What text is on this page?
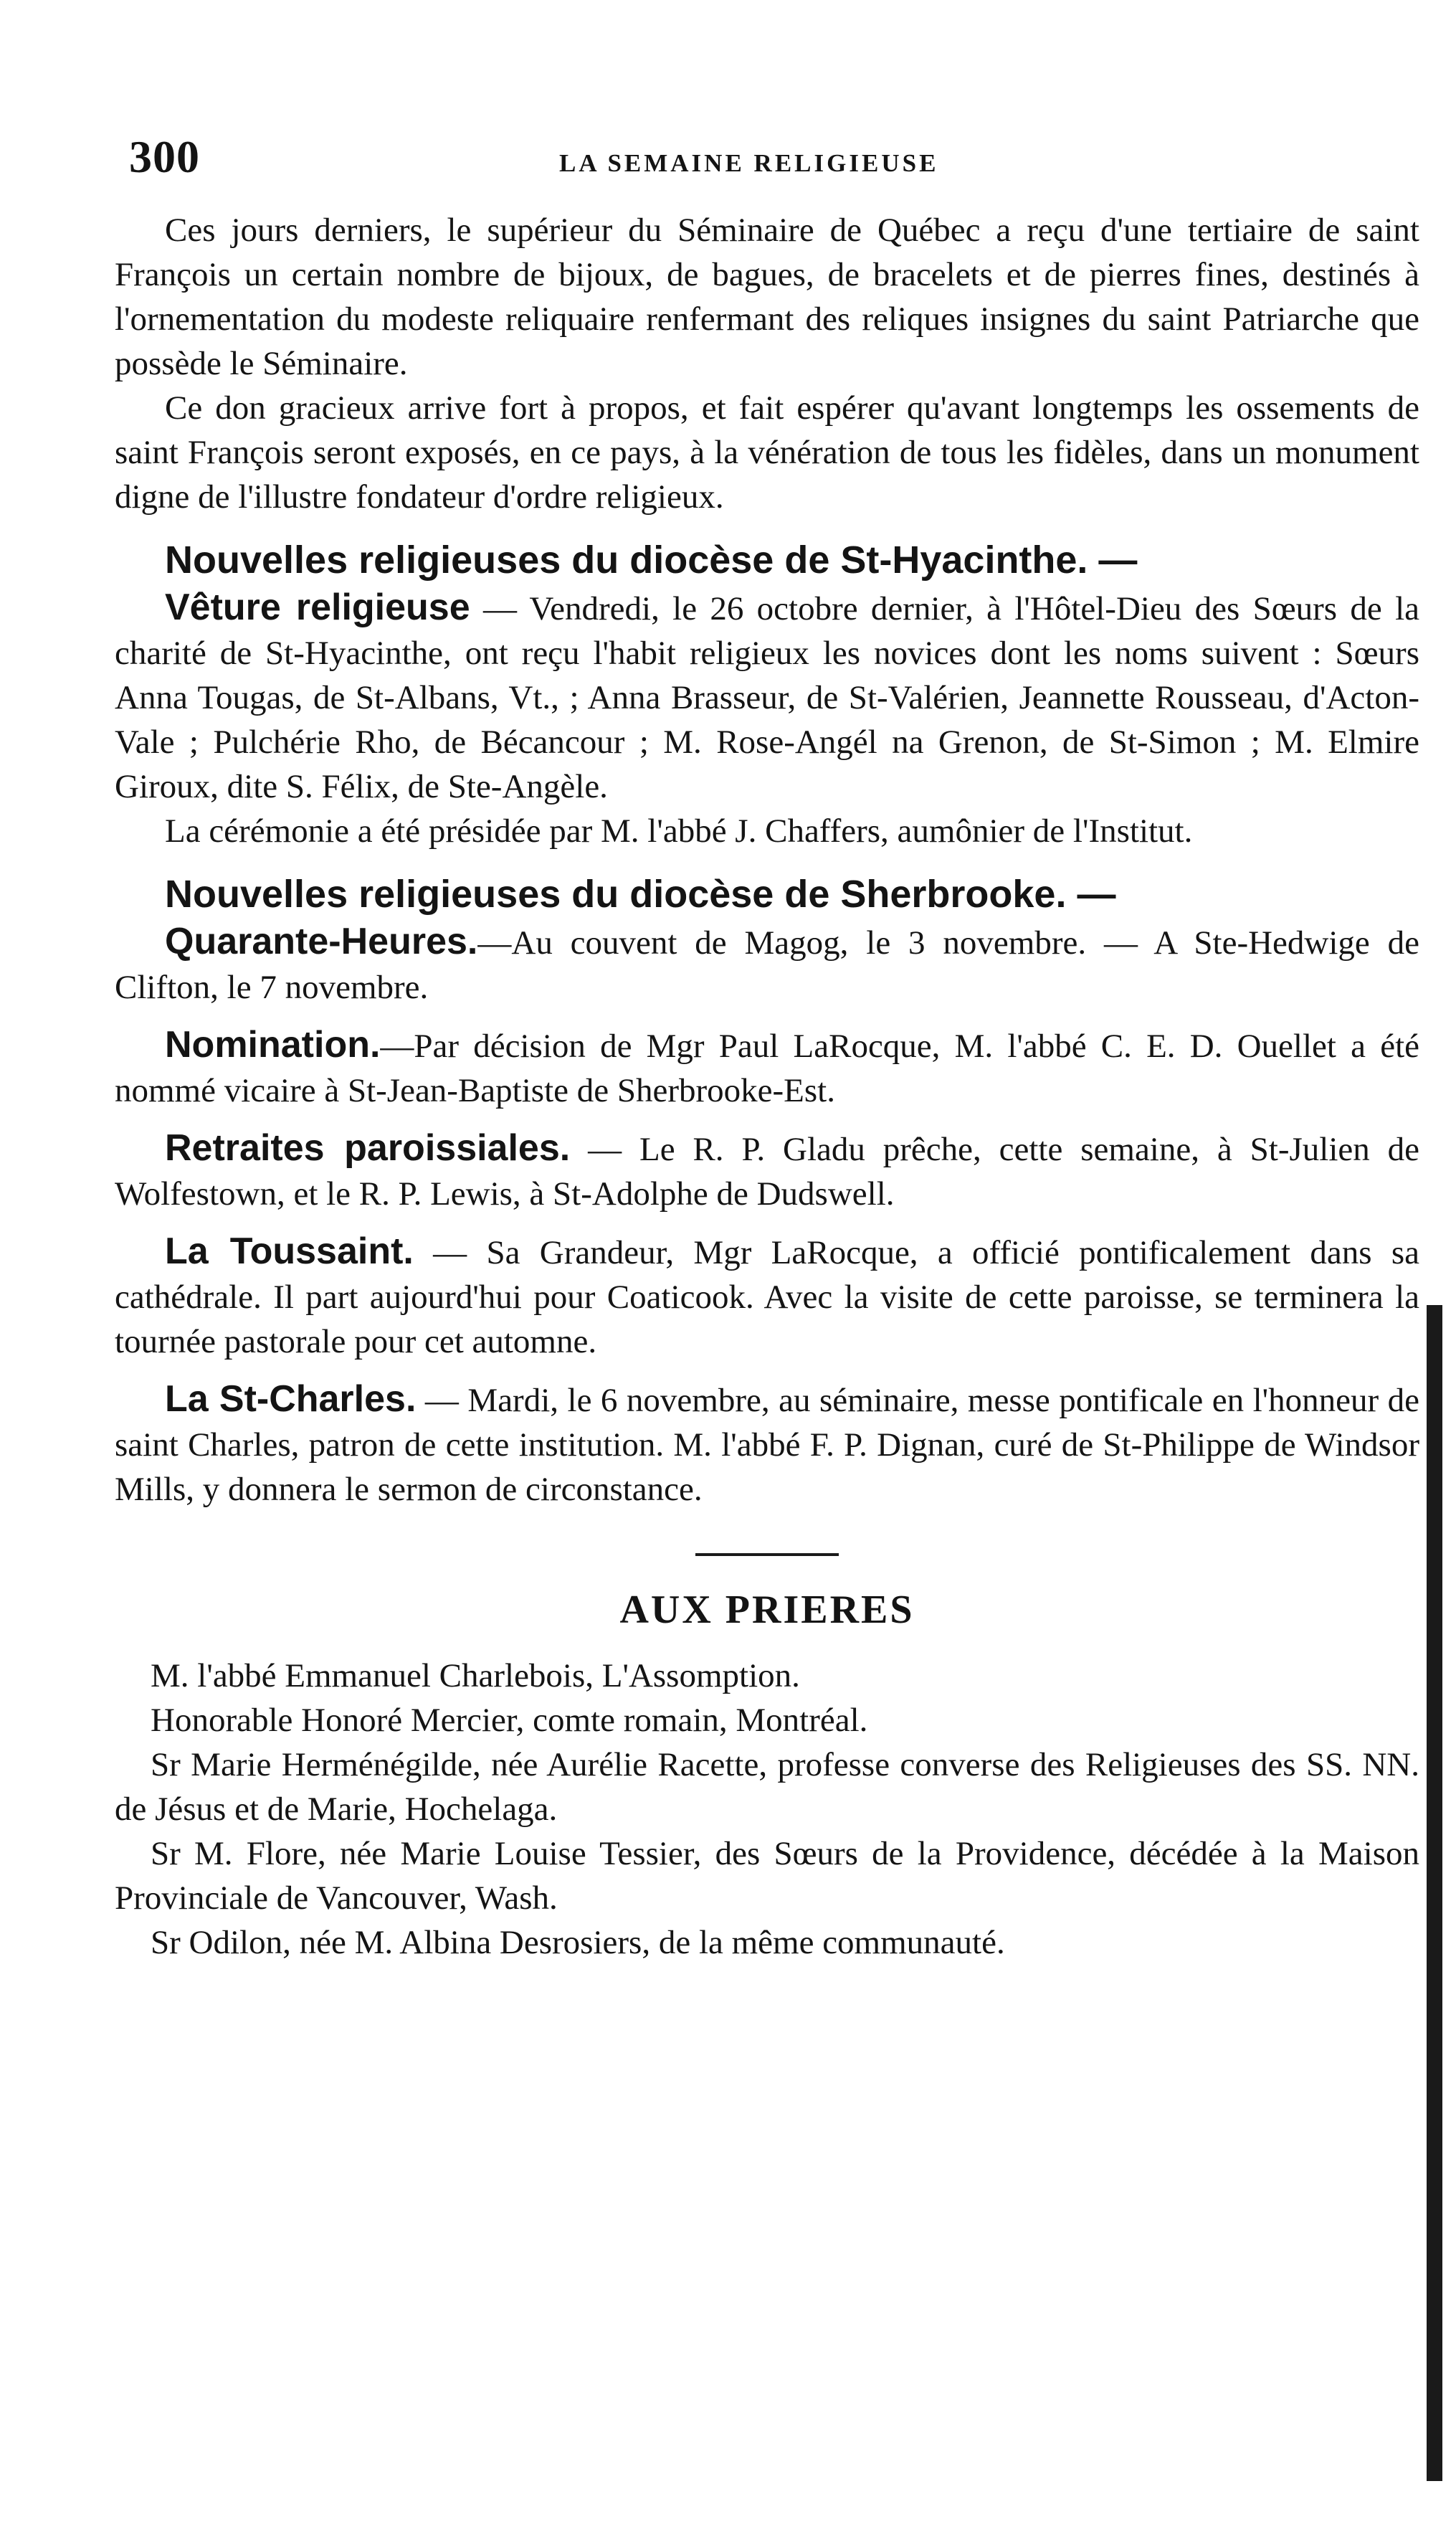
300	LA SEMAINE RELIGIEUSE

Ces jours derniers, le supérieur du Séminaire de Québec a reçu d'une tertiaire de saint François un certain nombre de bijoux, de bagues, de bracelets et de pierres fines, destinés à l'ornementation du modeste reliquaire renfermant des reliques insignes du saint Patriarche que possède le Séminaire.

Ce don gracieux arrive fort à propos, et fait espérer qu'avant longtemps les ossements de saint François seront exposés, en ce pays, à la vénération de tous les fidèles, dans un monument digne de l'illustre fondateur d'ordre religieux.

Nouvelles religieuses du diocèse de St-Hyacinthe. —

Vêture religieuse — Vendredi, le 26 octobre dernier, à l'Hôtel-Dieu des Sœurs de la charité de St-Hyacinthe, ont reçu l'habit religieux les novices dont les noms suivent : Sœurs Anna Tougas, de St-Albans, Vt., ; Anna Brasseur, de St-Valérien, Jeannette Rousseau, d'Acton-Vale ; Pulchérie Rho, de Bécancour ; M. Rose-Angél na Grenon, de St-Simon ; M. Elmire Giroux, dite S. Félix, de Ste-Angèle.

La cérémonie a été présidée par M. l'abbé J. Chaffers, aumônier de l'Institut.

Nouvelles religieuses du diocèse de Sherbrooke. —

Quarante-Heures.—Au couvent de Magog, le 3 novembre. — A Ste-Hedwige de Clifton, le 7 novembre.

Nomination.—Par décision de Mgr Paul LaRocque, M. l'abbé C. E. D. Ouellet a été nommé vicaire à St-Jean-Baptiste de Sherbrooke-Est.

Retraites paroissiales. — Le R. P. Gladu prêche, cette semaine, à St-Julien de Wolfestown, et le R. P. Lewis, à St-Adolphe de Dudswell.

La Toussaint. — Sa Grandeur, Mgr LaRocque, a officié pontificalement dans sa cathédrale. Il part aujourd'hui pour Coaticook. Avec la visite de cette paroisse, se terminera la tournée pastorale pour cet automne.

La St-Charles. — Mardi, le 6 novembre, au séminaire, messe pontificale en l'honneur de saint Charles, patron de cette institution. M. l'abbé F. P. Dignan, curé de St-Philippe de Windsor Mills, y donnera le sermon de circonstance.

AUX PRIERES

M. l'abbé Emmanuel Charlebois, L'Assomption.

Honorable Honoré Mercier, comte romain, Montréal.

Sr Marie Herménégilde, née Aurélie Racette, professe converse des Religieuses des SS. NN. de Jésus et de Marie, Hochelaga.

Sr M. Flore, née Marie Louise Tessier, des Sœurs de la Providence, décédée à la Maison Provinciale de Vancouver, Wash.

Sr Odilon, née M. Albina Desrosiers, de la même communauté.
